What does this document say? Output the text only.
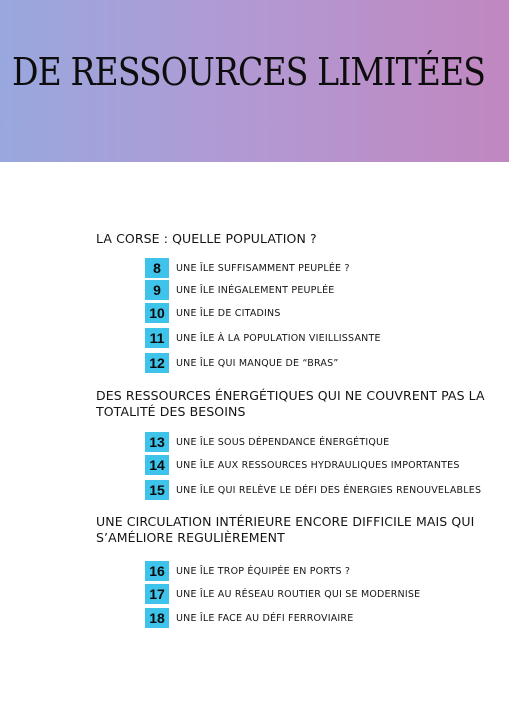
DE RESSOURCES LIMITÉES
LA CORSE : QUELLE POPULATION ?
8	UNE ÎLE SUFFISAMMENT PEUPLÉE ?
9	UNE ÎLE INÉGALEMENT PEUPLÉE
10	UNE ÎLE DE CITADINS
11	UNE ÎLE À LA POPULATION VIEILLISSANTE
12	UNE ÎLE QUI MANQUE DE “BRAS”
DES RESSOURCES ÉNERGÉTIQUES QUI NE COUVRENT PAS LA
TOTALITÉ DES BESOINS
13	UNE ÎLE SOUS DÉPENDANCE ÉNERGÉTIQUE
14	UNE ÎLE AUX RESSOURCES HYDRAULIQUES IMPORTANTES
15	UNE ÎLE QUI RELÈVE LE DÉFI DES ÉNERGIES RENOUVELABLES
UNE CIRCULATION INTÉRIEURE ENCORE DIFFICILE MAIS QUI
S’AMÉLIORE REGULIÈREMENT
16	UNE ÎLE TROP ÉQUIPÉE EN PORTS ?
17	UNE ÎLE AU RÉSEAU ROUTIER QUI SE MODERNISE
18	UNE ÎLE FACE AU DÉFI FERROVIAIRE
